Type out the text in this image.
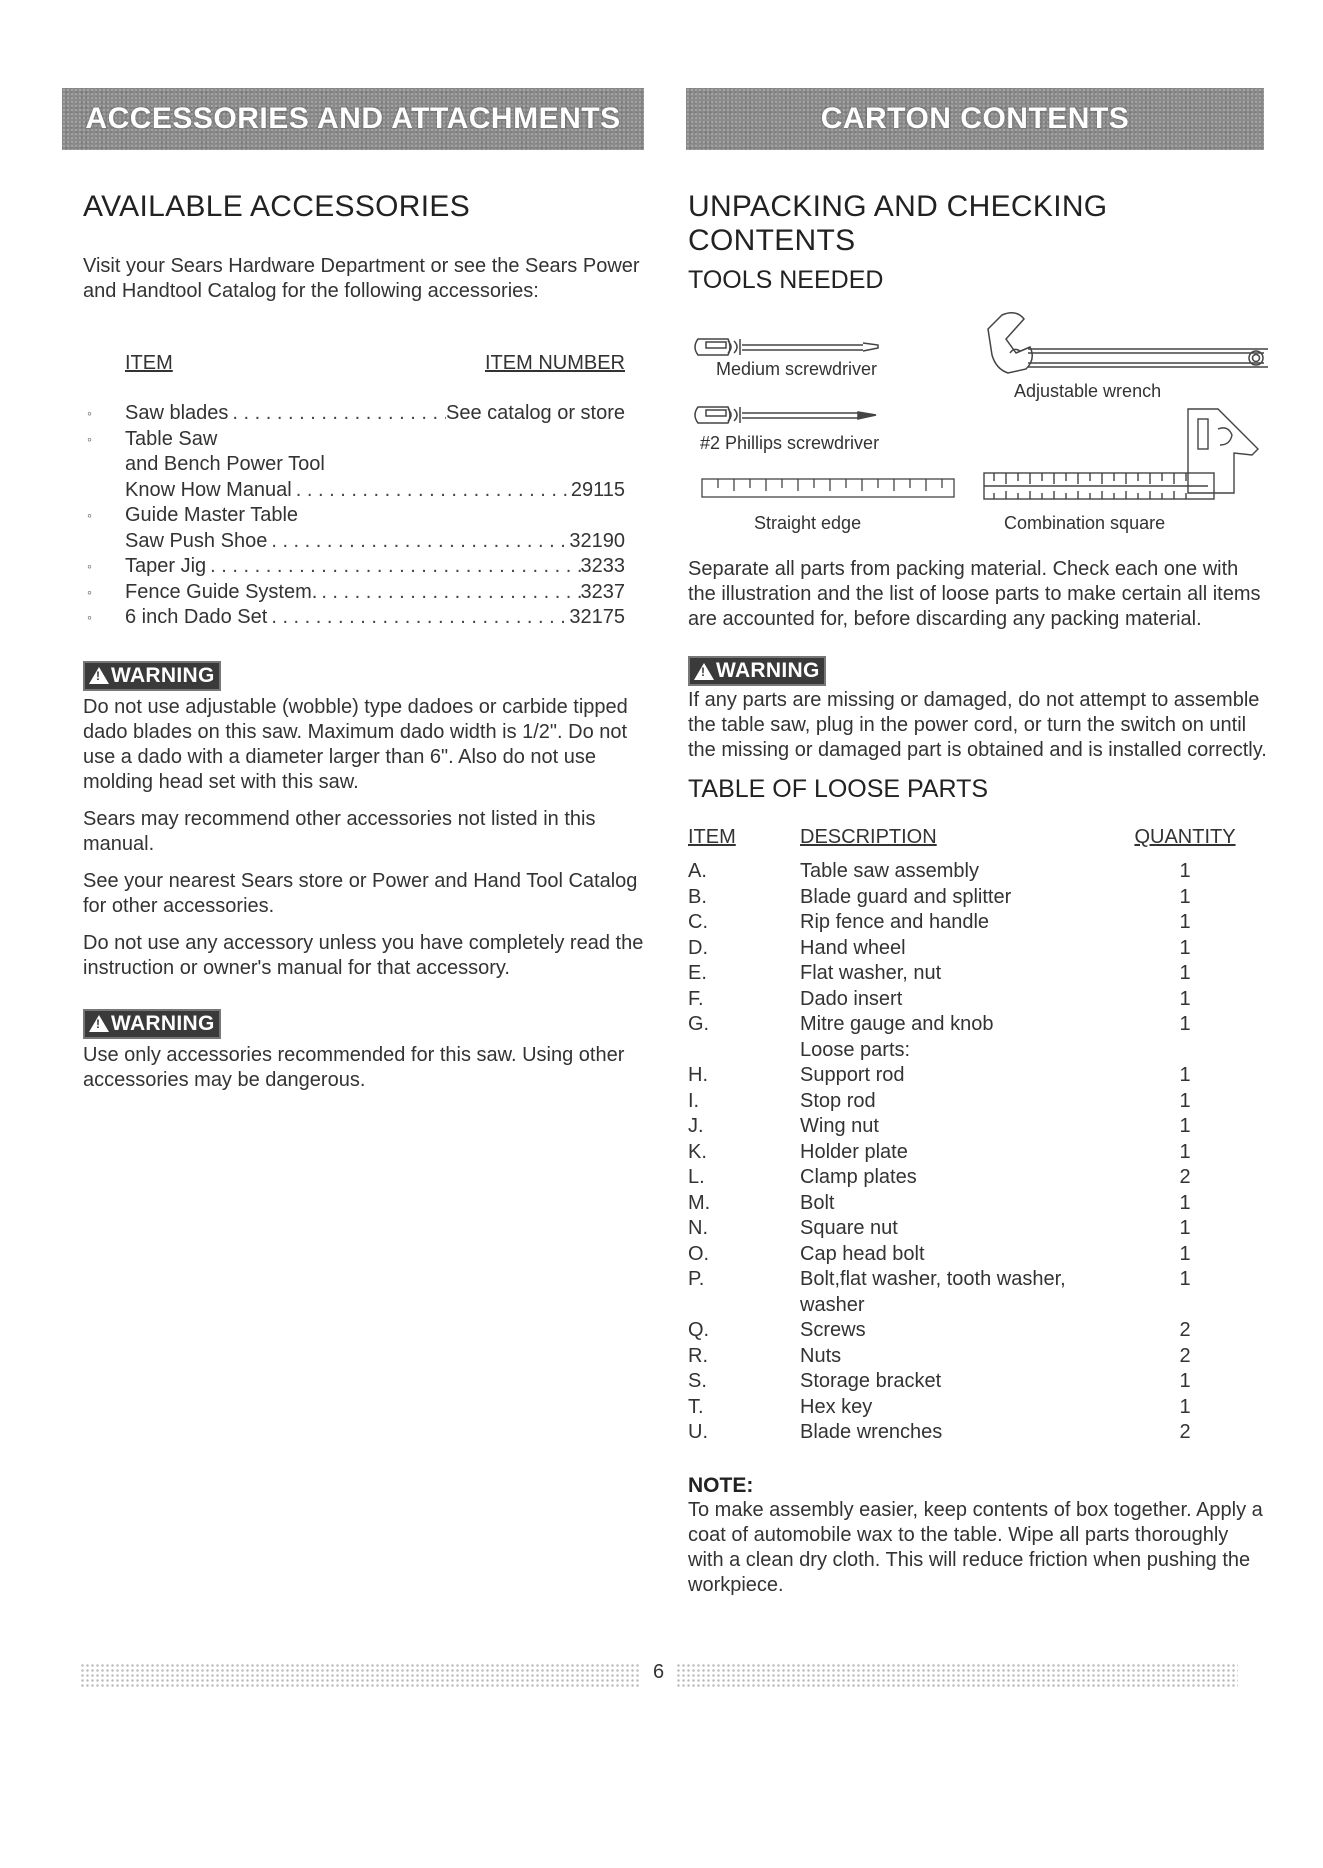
ACCESSORIES AND ATTACHMENTS	CARTON CONTENTS
AVAILABLE ACCESSORIES

Visit your Sears Hardware Department or see the Sears Power and Handtool Catalog for the following accessories:

ITEM	ITEM NUMBER
◦ Saw blades . . .	See catalog or store
◦ Table Saw
and Bench Power Tool
Know How Manual . . .	29115
◦ Guide Master Table
Saw Push Shoe . . .	32190
◦ Taper Jig . . .	3233
◦ Fence Guide System. . . .	3237
◦ 6 inch Dado Set . . .	32175
!
WARNING

Do not use adjustable (wobble) type dadoes or carbide tipped dado blades on this saw. Maximum dado width is 1/2". Do not use a dado with a diameter larger than 6". Also do not use molding head set with this saw.

Sears may recommend other accessories not listed in this manual.

See your nearest Sears store or Power and Hand Tool Catalog for other accessories.

Do not use any accessory unless you have completely read the instruction or owner's manual for that accessory.

!
WARNING

Use only accessories recommended for this saw. Using other accessories may be dangerous.

UNPACKING AND CHECKING CONTENTS
TOOLS NEEDED
Medium screwdriver
Adjustable wrench
#2 Phillips screwdriver
Straight edge	Combination square

Separate all parts from packing material. Check each one with the illustration and the list of loose parts to make certain all items are accounted for, before discarding any packing material.

!
WARNING

If any parts are missing or damaged, do not attempt to assemble the table saw, plug in the power cord, or turn the switch on until the missing or damaged part is obtained and is installed correctly.

TABLE OF LOOSE PARTS
ITEM	DESCRIPTION	QUANTITY
A.	Table saw assembly	1
B.	Blade guard and splitter	1
C.	Rip fence and handle	1
D.	Hand wheel	1
E.	Flat washer, nut	1
F.	Dado insert	1
G.	Mitre gauge and knob	1
	Loose parts:	
H.	Support rod	1
I.	Stop rod	1
J.	Wing nut	1
K.	Holder plate	1
L.	Clamp plates	2
M.	Bolt	1
N.	Square nut	1
O.	Cap head bolt	1
P.	Bolt,flat washer, tooth washer, washer	1
Q.	Screws	2
R.	Nuts	2
S.	Storage bracket	1
T.	Hex key	1
U.	Blade wrenches	2
NOTE:

To make assembly easier, keep contents of box together. Apply a coat of automobile wax to the table. Wipe all parts thoroughly with a clean dry cloth. This will reduce friction when pushing the workpiece.

6
